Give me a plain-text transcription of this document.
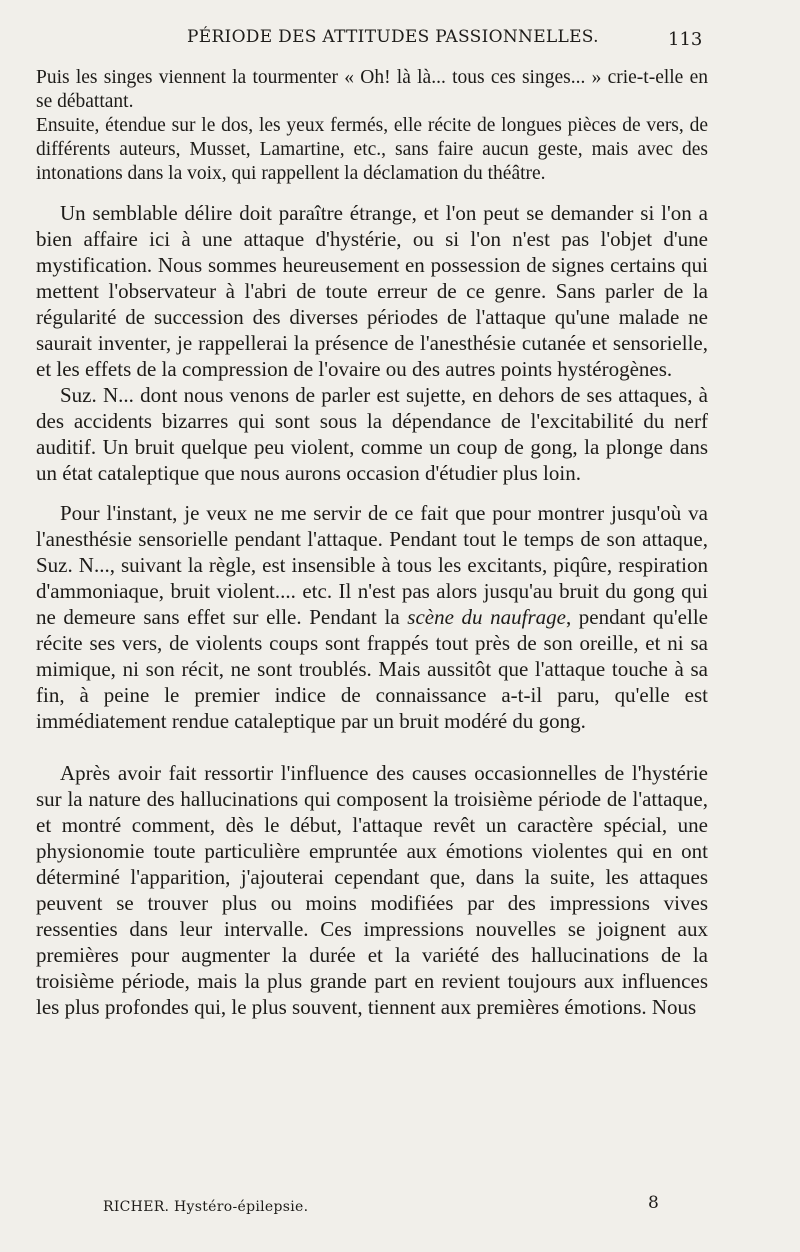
PÉRIODE DES ATTITUDES PASSIONNELLES.	113

Puis les singes viennent la tourmenter « Oh! là là... tous ces singes... » crie-t-elle en se débattant.

Ensuite, étendue sur le dos, les yeux fermés, elle récite de longues pièces de vers, de différents auteurs, Musset, Lamartine, etc., sans faire aucun geste, mais avec des intonations dans la voix, qui rappellent la déclamation du théâtre.

Un semblable délire doit paraître étrange, et l'on peut se demander si l'on a bien affaire ici à une attaque d'hystérie, ou si l'on n'est pas l'objet d'une mystification. Nous sommes heureusement en possession de signes certains qui mettent l'observateur à l'abri de toute erreur de ce genre. Sans parler de la régularité de succession des diverses périodes de l'attaque qu'une malade ne saurait inventer, je rappellerai la présence de l'anesthésie cutanée et sensorielle, et les effets de la compression de l'ovaire ou des autres points hystérogènes.

Suz. N... dont nous venons de parler est sujette, en dehors de ses attaques, à des accidents bizarres qui sont sous la dépendance de l'excitabilité du nerf auditif. Un bruit quelque peu violent, comme un coup de gong, la plonge dans un état cataleptique que nous aurons occasion d'étudier plus loin.

Pour l'instant, je veux ne me servir de ce fait que pour montrer jusqu'où va l'anesthésie sensorielle pendant l'attaque. Pendant tout le temps de son attaque, Suz. N..., suivant la règle, est insensible à tous les excitants, piqûre, respiration d'ammoniaque, bruit violent.... etc. Il n'est pas alors jusqu'au bruit du gong qui ne demeure sans effet sur elle. Pendant la scène du naufrage, pendant qu'elle récite ses vers, de violents coups sont frappés tout près de son oreille, et ni sa mimique, ni son récit, ne sont troublés. Mais aussitôt que l'attaque touche à sa fin, à peine le premier indice de connaissance a-t-il paru, qu'elle est immédiatement rendue cataleptique par un bruit modéré du gong.

Après avoir fait ressortir l'influence des causes occasionnelles de l'hystérie sur la nature des hallucinations qui composent la troisième période de l'attaque, et montré comment, dès le début, l'attaque revêt un caractère spécial, une physionomie toute particulière empruntée aux émotions violentes qui en ont déterminé l'apparition, j'ajouterai cependant que, dans la suite, les attaques peuvent se trouver plus ou moins modifiées par des impressions vives ressenties dans leur intervalle. Ces impressions nouvelles se joignent aux premières pour augmenter la durée et la variété des hallucinations de la troisième période, mais la plus grande part en revient toujours aux influences les plus profondes qui, le plus souvent, tiennent aux premières émotions. Nous

RICHER. Hystéro-épilepsie.	8
